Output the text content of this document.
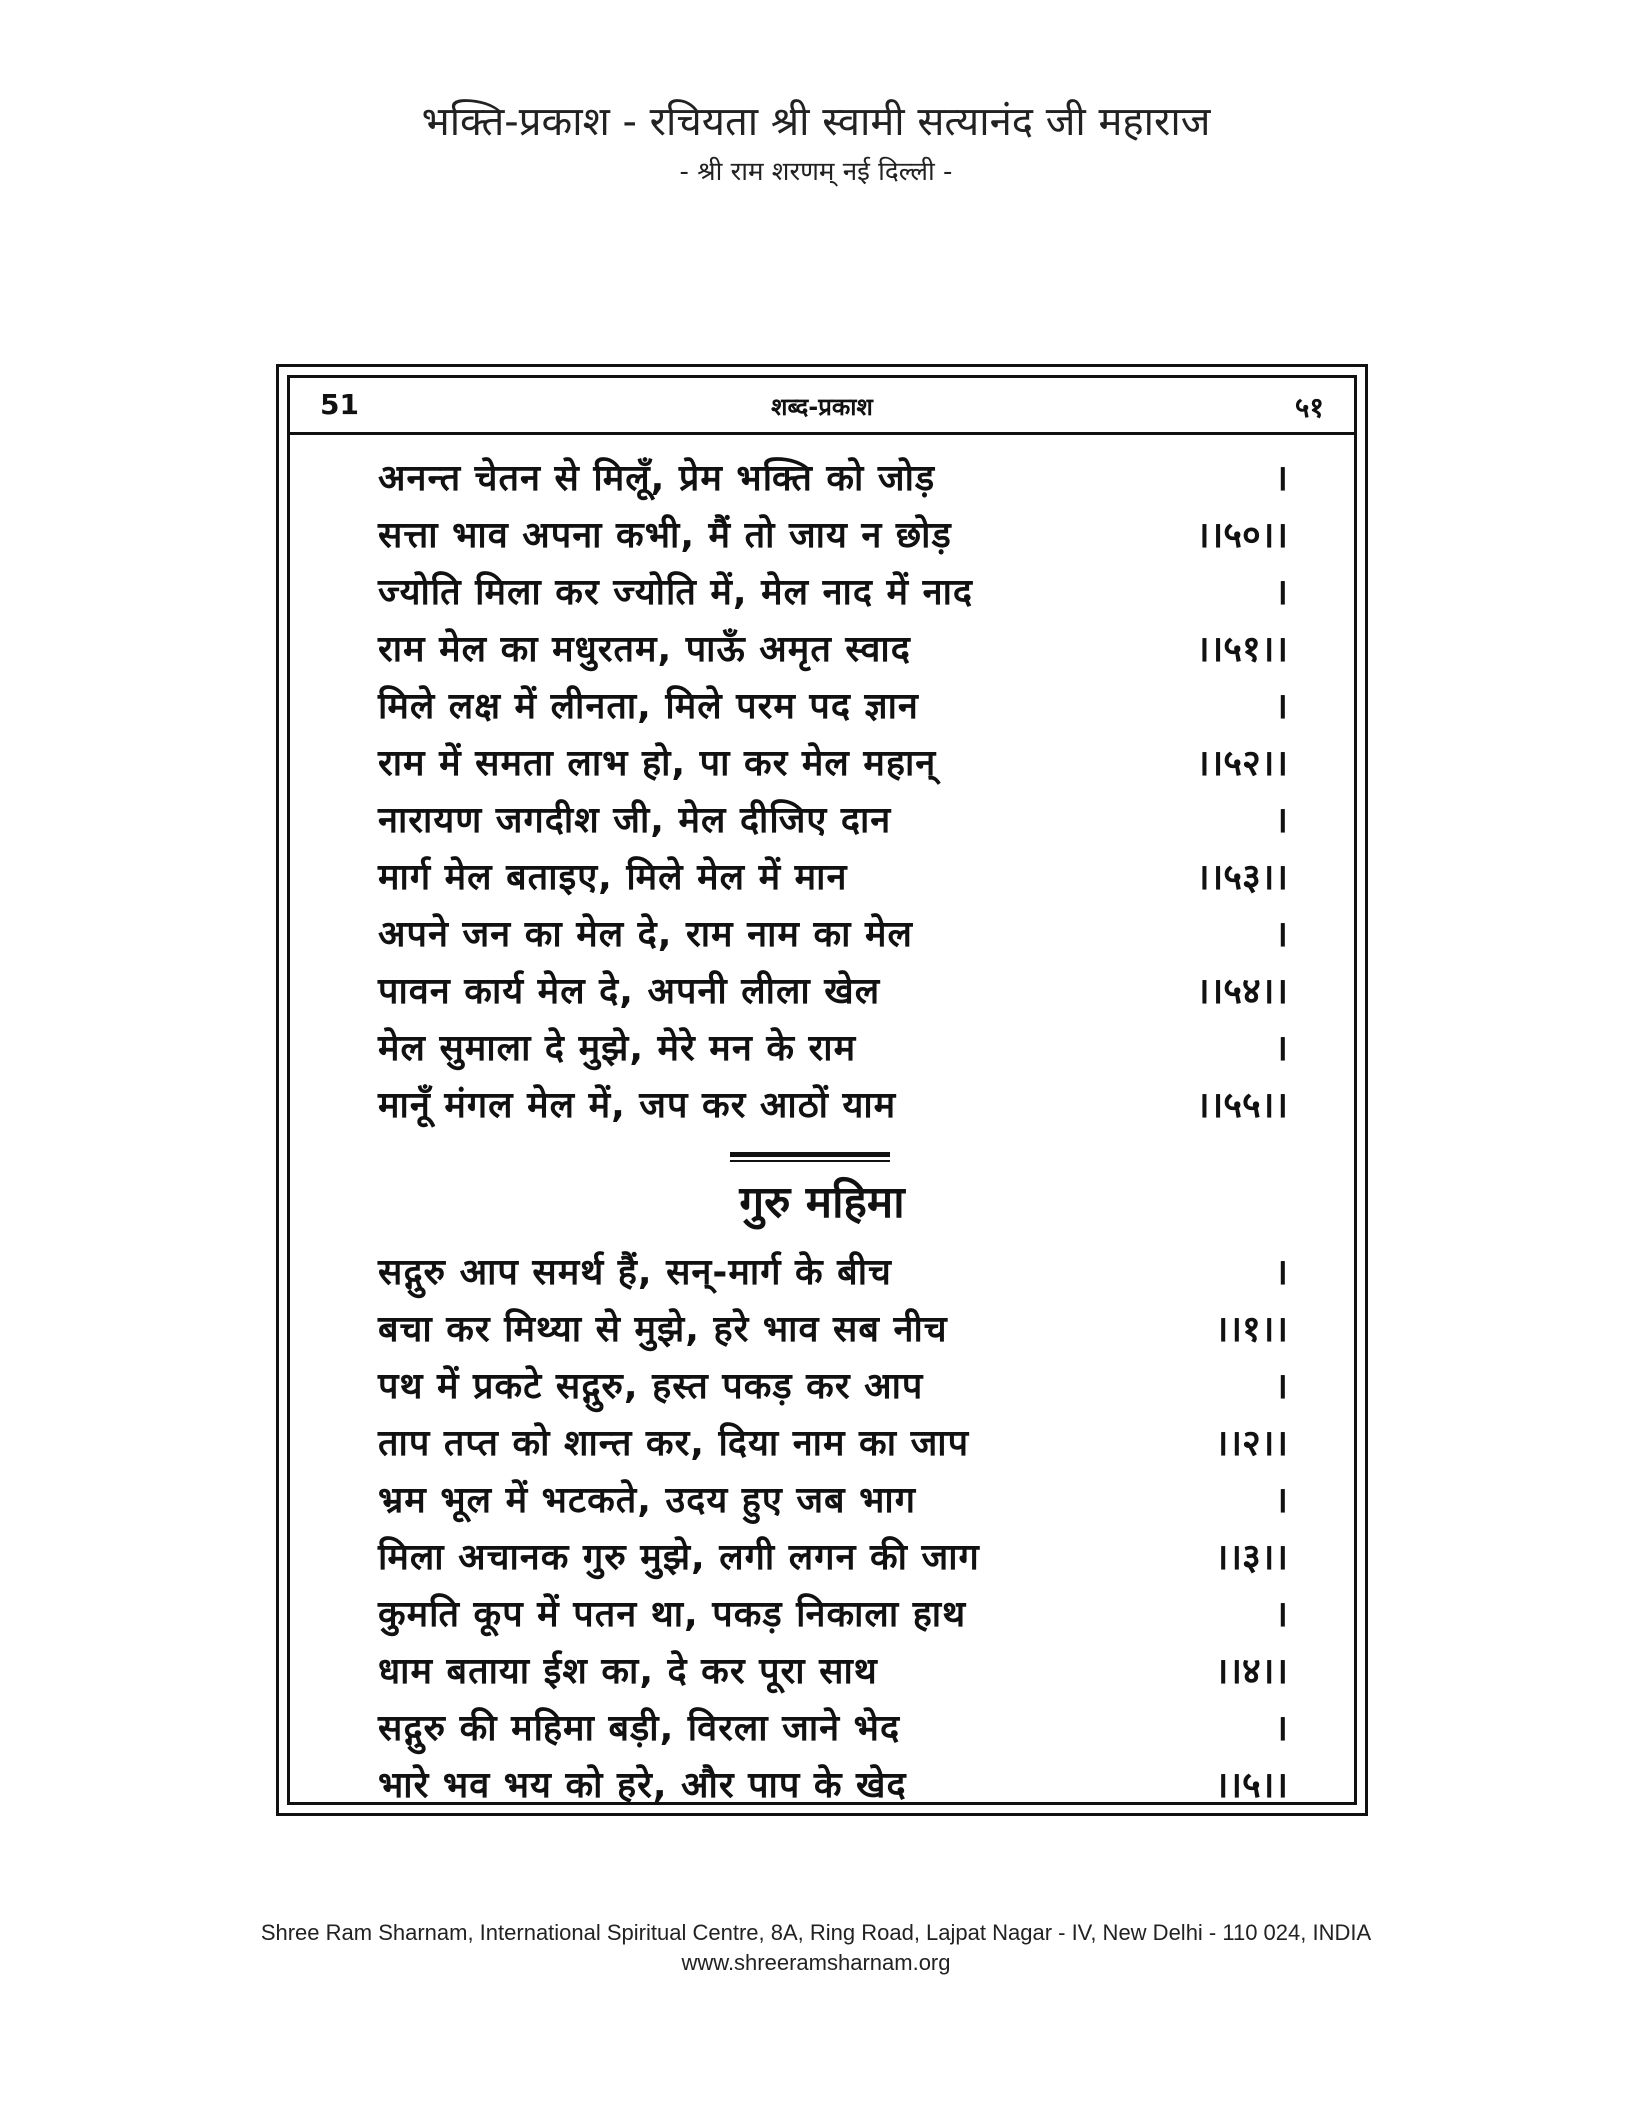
भक्ति-प्रकाश - रचियता श्री स्वामी सत्यानंद जी महाराज
- श्री राम शरणम् नई दिल्ली -
51	शब्द-प्रकाश	५१
अनन्त चेतन से मिलूँ, प्रेम भक्ति को जोड़	।
सत्ता भाव अपना कभी, मैं तो जाय न छोड़	।।५०।।
ज्योति मिला कर ज्योति में, मेल नाद में नाद	।
राम मेल का मधुरतम, पाऊँ अमृत स्वाद	।।५१।।
मिले लक्ष में लीनता, मिले परम पद ज्ञान	।
राम में समता लाभ हो, पा कर मेल महान्	।।५२।।
नारायण जगदीश जी, मेल दीजिए दान	।
मार्ग मेल बताइए, मिले मेल में मान	।।५३।।
अपने जन का मेल दे, राम नाम का मेल	।
पावन कार्य मेल दे, अपनी लीला खेल	।।५४।।
मेल सुमाला दे मुझे, मेरे मन के राम	।
मानूँ मंगल मेल में, जप कर आठों याम	।।५५।।
गुरु महिमा
सद्गुरु आप समर्थ हैं, सन्-मार्ग के बीच	।
बचा कर मिथ्या से मुझे, हरे भाव सब नीच	।।१।।
पथ में प्रकटे सद्गुरु, हस्त पकड़ कर आप	।
ताप तप्त को शान्त कर, दिया नाम का जाप	।।२।।
भ्रम भूल में भटकते, उदय हुए जब भाग	।
मिला अचानक गुरु मुझे, लगी लगन की जाग	।।३।।
कुमति कूप में पतन था, पकड़ निकाला हाथ	।
धाम बताया ईश का, दे कर पूरा साथ	।।४।।
सद्गुरु की महिमा बड़ी, विरला जाने भेद	।
भारे भव भय को हरे, और पाप के खेद	।।५।।
Shree Ram Sharnam, International Spiritual Centre, 8A, Ring Road, Lajpat Nagar - IV, New Delhi - 110 024, INDIA
www.shreeramsharnam.org
